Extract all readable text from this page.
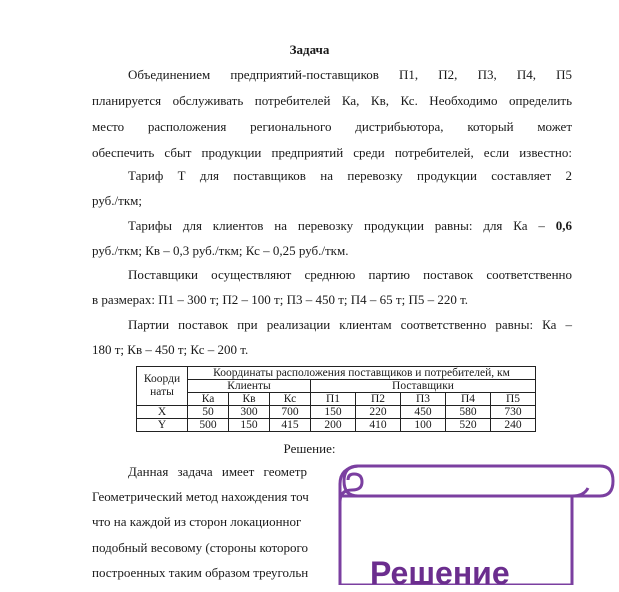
Задача
Объединением предприятий-поставщиков П1, П2, П3, П4, П5
планируется обслуживать потребителей Ка, Кв, Кс. Необходимо определить
место расположения регионального дистрибьютора, который может
обеспечить сбыт продукции предприятий среди потребителей, если известно:
Тариф Т для поставщиков на перевозку продукции составляет 2
руб./ткм;
Тарифы для клиентов на перевозку продукции равны: для Ка – 0,6
руб./ткм; Кв – 0,3 руб./ткм; Кс – 0,25 руб./ткм.
Поставщики осуществляют среднюю партию поставок соответственно
в размерах: П1 – 300 т; П2 – 100 т; П3 – 450 т; П4 – 65 т; П5 – 220 т.
Партии поставок при реализации клиентам соответственно равны: Ка –
180 т; Кв – 450 т; Кс – 200 т.
Коорди наты	Координаты расположения поставщиков и потребителей, км							
	Клиенты			Поставщики				
	Ка	Кв	Кс	П1	П2	П3	П4	П5
X	50	300	700	150	220	450	580	730
Y	500	150	415	200	410	100	520	240
Решение:
Данная задача имеет геометр
Геометрический метод нахождения точ
что на каждой из сторон локационног
подобный весовому (стороны которого
построенных таким образом треугольн Решение
